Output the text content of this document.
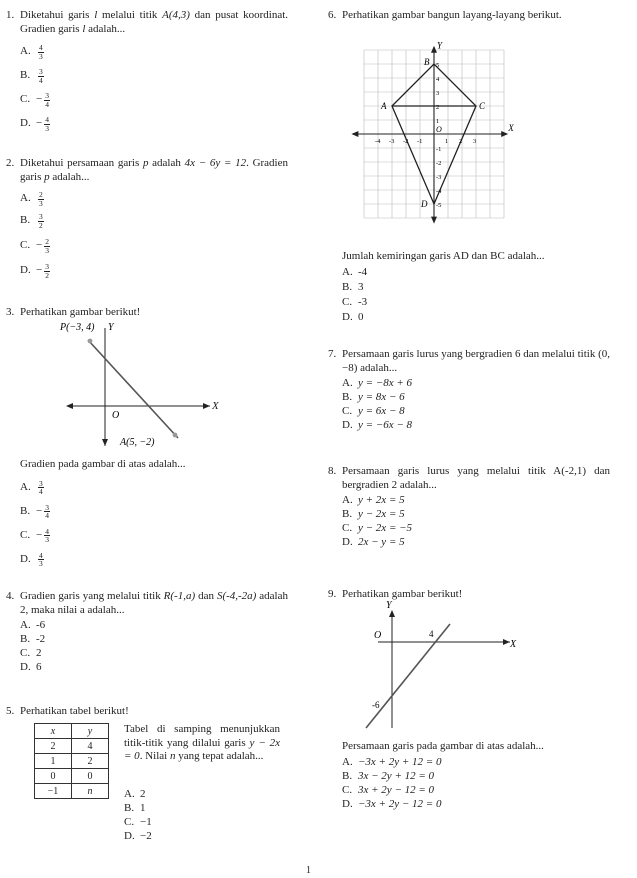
1. Diketahui garis l melalui titik A(4,3) dan pusat koordinat. Gradien garis l adalah...
A. $\frac{4}{3}$
B.	$\frac{3}{4}$
C. − $\frac{3}{4}$
D. − $\frac{4}{3}$
2. Diketahui persamaan garis p adalah 4x − 6y = 12. Gradien garis p adalah...
A. $\frac{2}{3}$
B.	$\frac{3}{2}$
C. − $\frac{2}{3}$
D. − $\frac{3}{2}$
3. Perhatikan gambar berikut!
P(−3, 4) Y
O
A(5, −2)
X
Gradien pada gambar di atas adalah...
A. $\frac{3}{4}$
B. − $\frac{3}{4}$
C. − $\frac{4}{3}$
D. $\frac{4}{3}$
4. Gradien garis yang melalui titik R(-1,a) dan S(-4,-2a) adalah 2, maka nilai a adalah...
A. -6
B. -2
C. 2
D. 6
5. Perhatikan tabel berikut!
x	y
2	4
1	2
0	0
−1	n
Tabel di samping menunjukkan titik-titik yang dilalui garis y − 2x = 0. Nilai n yang tepat adalah...
A. 2
B. 1
C. −1
D. −2
6. Perhatikan gambar bangun layang-layang berikut.
A
B
C
D
O	X
Y
-4 -3 -2 -1	1 2 3
5
4
3
2
1
-1
-2
-3
-4
-5
Jumlah kemiringan garis AD dan BC adalah...
A. -4
B. 3
C. -3
D. 0
7. Persamaan garis lurus yang bergradien 6 dan melalui titik (0, −8) adalah...
A. y = −8x + 6
B. y = 8x − 6
C. y = 6x − 8
D. y = −6x − 8
8. Persamaan garis lurus yang melalui titik A(-2,1) dan bergradien 2 adalah...
A. y + 2x = 5
B. y − 2x = 5
C. y − 2x = −5
D. 2x − y = 5
9. Perhatikan gambar berikut!
Y
O	4
-6
X
Persamaan garis pada gambar di atas adalah...
A. −3x + 2y + 12 = 0
B. 3x − 2y + 12 = 0
C. 3x + 2y − 12 = 0
D. −3x + 2y − 12 = 0
1
